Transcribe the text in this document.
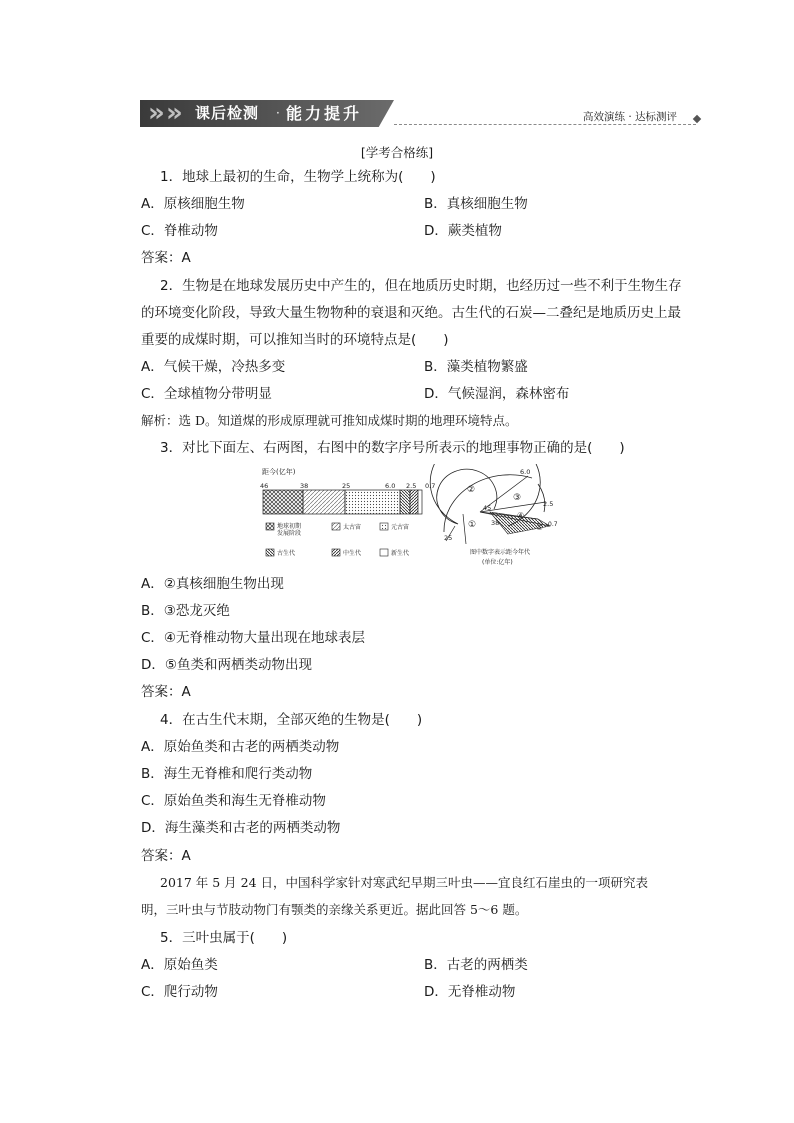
» » 课后检测 · 能力提升	高效演练 · 达标测评
[学考合格练]
1．地球上最初的生命，生物学上统称为(　　)
A．原核细胞生物	B．真核细胞生物
C．脊椎动物	D．蕨类植物
答案：A
2．生物是在地球发展历史中产生的，但在地质历史时期，也经历过一些不利于生物生存
的环境变化阶段，导致大量生物物种的衰退和灭绝。古生代的石炭—二叠纪是地质历史上最
重要的成煤时期，可以推知当时的环境特点是(　　)
A．气候干燥，冷热多变	B．藻类植物繁盛
C．全球植物分带明显	D．气候湿润，森林密布
解析：选 D。知道煤的形成原理就可推知成煤时期的地理环境特点。
3．对比下面左、右两图，右图中的数字序号所表示的地理事物正确的是(　　)
距今(亿年)
46	38	25	6.0 2.5 0.7
地球初期
发展阶段
太古宙	元古宙
古生代	中生代	新生代
6.0
2.5
0.7
45
38
25
①
②
③
④
⑤
图中数字表示距今年代
(单位:亿年)
A．②真核细胞生物出现
B．③恐龙灭绝
C．④无脊椎动物大量出现在地球表层
D．⑤鱼类和两栖类动物出现
答案：A
4．在古生代末期，全部灭绝的生物是(　　)
A．原始鱼类和古老的两栖类动物
B．海生无脊椎和爬行类动物
C．原始鱼类和海生无脊椎动物
D．海生藻类和古老的两栖类动物
答案：A
2017 年 5 月 24 日，中国科学家针对寒武纪早期三叶虫——宜良红石崖虫的一项研究表
明，三叶虫与节肢动物门有颚类的亲缘关系更近。据此回答 5～6 题。
5．三叶虫属于(　　)
A．原始鱼类	B．古老的两栖类
C．爬行动物	D．无脊椎动物
